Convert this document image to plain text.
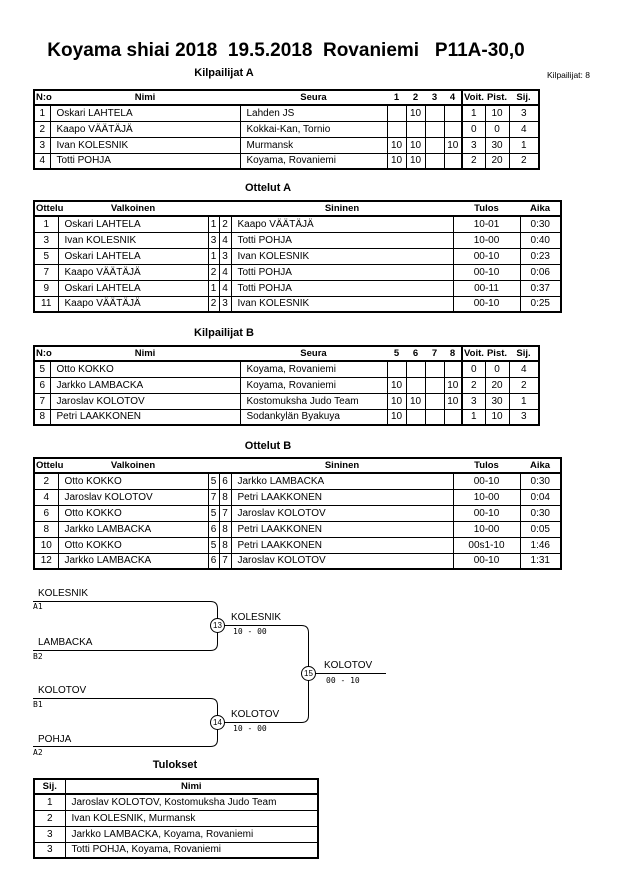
Koyama shiai 2018  19.5.2018  Rovaniemi   P11A-30,0
Kilpailijat A	Kilpailijat: 8
N:o	Nimi	Seura	1	2	3	4	Voit.	Pist.	Sij.
1	Oskari LAHTELA	Lahden JS		10			1	10	3
2	Kaapo VÄÄTÄJÄ	Kokkai-Kan, Tornio					0	0	4
3	Ivan KOLESNIK	Murmansk	10	10		10	3	30	1
4	Totti POHJA	Koyama, Rovaniemi	10	10			2	20	2
Ottelut A
Ottelu	Valkoinen			Sininen	Tulos	Aika
1	Oskari LAHTELA	1	2	Kaapo VÄÄTÄJÄ	10-01	0:30
3	Ivan KOLESNIK	3	4	Totti POHJA	10-00	0:40
5	Oskari LAHTELA	1	3	Ivan KOLESNIK	00-10	0:23
7	Kaapo VÄÄTÄJÄ	2	4	Totti POHJA	00-10	0:06
9	Oskari LAHTELA	1	4	Totti POHJA	00-11	0:37
11	Kaapo VÄÄTÄJÄ	2	3	Ivan KOLESNIK	00-10	0:25
Kilpailijat B
N:o	Nimi	Seura	5	6	7	8	Voit.	Pist.	Sij.
5	Otto KOKKO	Koyama, Rovaniemi					0	0	4
6	Jarkko LAMBACKA	Koyama, Rovaniemi	10			10	2	20	2
7	Jaroslav KOLOTOV	Kostomuksha Judo Team	10	10		10	3	30	1
8	Petri LAAKKONEN	Sodankylän Byakuya	10				1	10	3
Ottelut B
Ottelu	Valkoinen			Sininen	Tulos	Aika
2	Otto KOKKO	5	6	Jarkko LAMBACKA	00-10	0:30
4	Jaroslav KOLOTOV	7	8	Petri LAAKKONEN	10-00	0:04
6	Otto KOKKO	5	7	Jaroslav KOLOTOV	00-10	0:30
8	Jarkko LAMBACKA	6	8	Petri LAAKKONEN	10-00	0:05
10	Otto KOKKO	5	8	Petri LAAKKONEN	00s1-10	1:46
12	Jarkko LAMBACKA	6	7	Jaroslav KOLOTOV	00-10	1:31
KOLESNIK
A1
LAMBACKA
B2
KOLOTOV
B1
POHJA
A2
13
KOLESNIK
10 - 00
14
KOLOTOV
10 - 00
15
KOLOTOV
00 - 10
Tulokset
Sij.	Nimi
1	Jaroslav KOLOTOV, Kostomuksha Judo Team
2	Ivan KOLESNIK, Murmansk
3	Jarkko LAMBACKA, Koyama, Rovaniemi
3	Totti POHJA, Koyama, Rovaniemi
